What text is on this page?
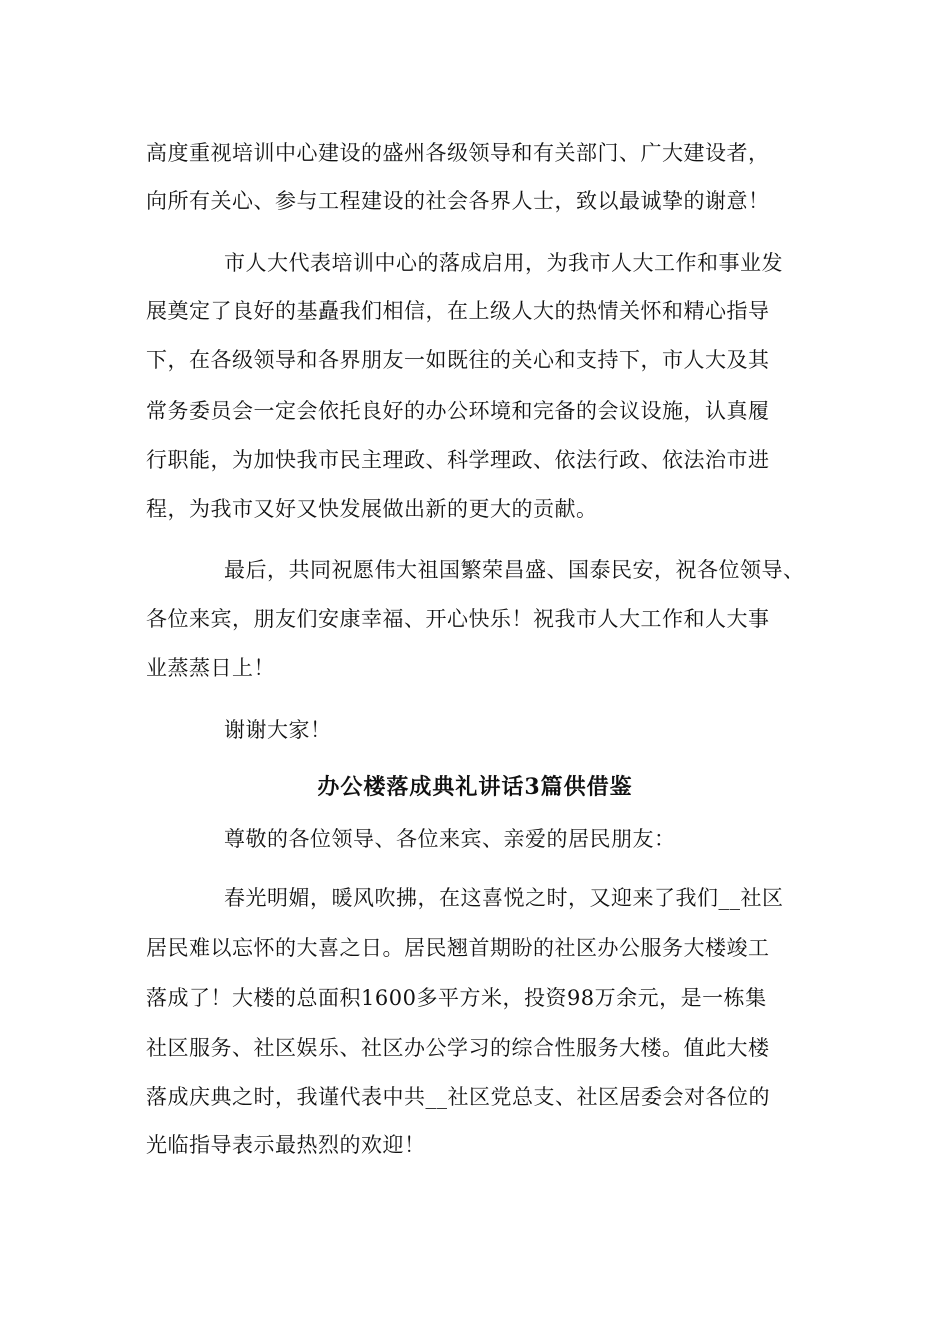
高度重视培训中心建设的盛州各级领导和有关部门、广大建设者，
向所有关心、参与工程建设的社会各界人士，致以最诚挚的谢意！
市人大代表培训中心的落成启用，为我市人大工作和事业发
展奠定了良好的基矗我们相信，在上级人大的热情关怀和精心指导
下，在各级领导和各界朋友一如既往的关心和支持下，市人大及其
常务委员会一定会依托良好的办公环境和完备的会议设施，认真履
行职能，为加快我市民主理政、科学理政、依法行政、依法治市进
程，为我市又好又快发展做出新的更大的贡献。
最后，共同祝愿伟大祖国繁荣昌盛、国泰民安，祝各位领导、
各位来宾，朋友们安康幸福、开心快乐！祝我市人大工作和人大事
业蒸蒸日上！
谢谢大家！
办公楼落成典礼讲话3篇供借鉴
尊敬的各位领导、各位来宾、亲爱的居民朋友：
春光明媚，暖风吹拂，在这喜悦之时，又迎来了我们__社区
居民难以忘怀的大喜之日。居民翘首期盼的社区办公服务大楼竣工
落成了！大楼的总面积1600多平方米，投资98万余元，是一栋集
社区服务、社区娱乐、社区办公学习的综合性服务大楼。值此大楼
落成庆典之时，我谨代表中共__社区党总支、社区居委会对各位的
光临指导表示最热烈的欢迎！
